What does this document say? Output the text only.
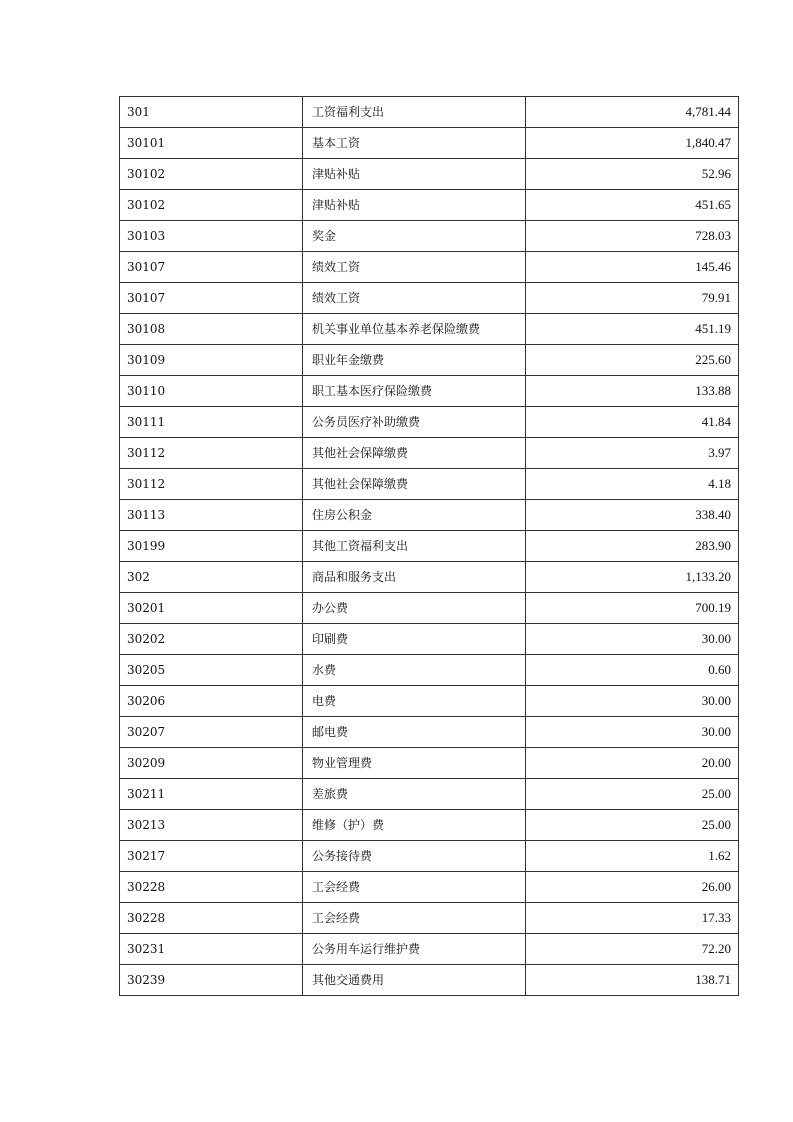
301	工资福利支出	4,781.44
30101	基本工资	1,840.47
30102	津贴补贴	52.96
30102	津贴补贴	451.65
30103	奖金	728.03
30107	绩效工资	145.46
30107	绩效工资	79.91
30108	机关事业单位基本养老保险缴费	451.19
30109	职业年金缴费	225.60
30110	职工基本医疗保险缴费	133.88
30111	公务员医疗补助缴费	41.84
30112	其他社会保障缴费	3.97
30112	其他社会保障缴费	4.18
30113	住房公积金	338.40
30199	其他工资福利支出	283.90
302	商品和服务支出	1,133.20
30201	办公费	700.19
30202	印刷费	30.00
30205	水费	0.60
30206	电费	30.00
30207	邮电费	30.00
30209	物业管理费	20.00
30211	差旅费	25.00
30213	维修（护）费	25.00
30217	公务接待费	1.62
30228	工会经费	26.00
30228	工会经费	17.33
30231	公务用车运行维护费	72.20
30239	其他交通费用	138.71
